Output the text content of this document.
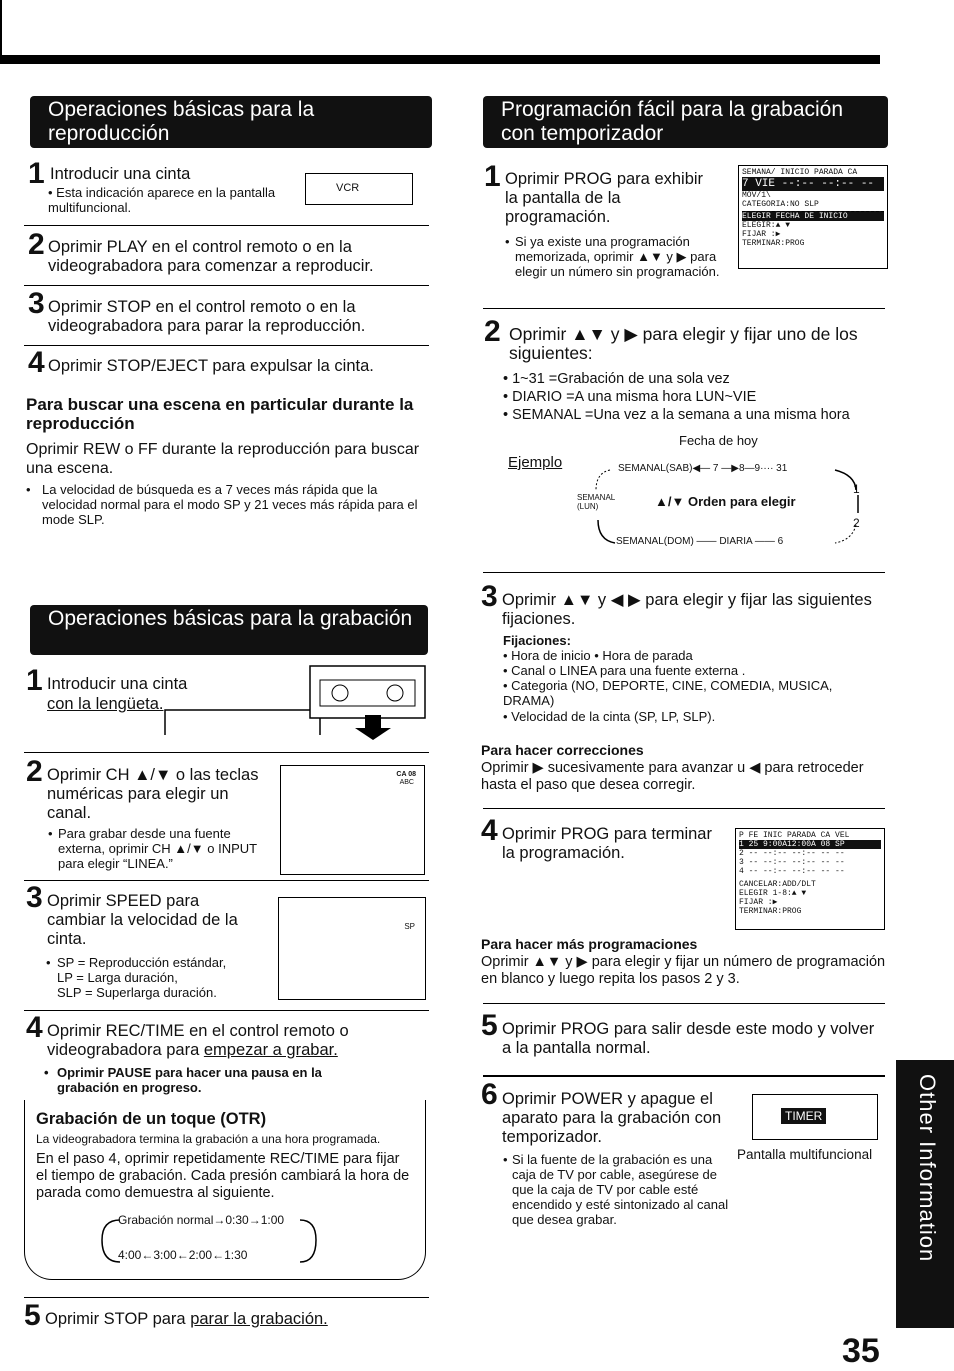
Operaciones básicas para la reproducción
1 Introducir una cinta
• Esta indicación aparece en la pantalla multifuncional.
VCR
2 Oprimir PLAY en el control remoto o en la videograbadora para comenzar a reproducir.
3 Oprimir STOP en el control remoto o en la videograbadora para parar la reproducción.
4 Oprimir STOP/EJECT para expulsar la cinta.
Para buscar una escena en particular durante la reproducción
Oprimir REW o FF durante la reproducción para buscar una escena.
• La velocidad de búsqueda es a 7 veces más rápida que la velocidad normal para el modo SP y 21 veces más rápida para el mode SLP.
Operaciones básicas para la grabación
1 Introducir una cinta
con la lengüeta.
2 Oprimir CH ▲/▼ o las teclas numéricas para elegir un canal.
• Para grabar desde una fuente externa, oprimir CH ▲/▼ o INPUT para elegir “LINEA.”
CA 08
ABC
3 Oprimir SPEED para cambiar la velocidad de la cinta.
• SP = Reproducción estándar,
LP = Larga duración,
SLP = Superlarga duración.
SP
4 Oprimir REC/TIME en el control remoto o videograbadora para empezar a grabar.
• Oprimir PAUSE para hacer una pausa en la grabación en progreso.
Grabación de un toque (OTR)
La videograbadora termina la grabación a una hora programada.
En el paso 4, oprimir repetidamente REC/TIME para fijar el tiempo de grabación. Cada presión cambiará la hora de parada como demuestra al siguiente.
Grabación normal→0:30→1:00
4:00←3:00←2:00←1:30
5 Oprimir STOP para parar la grabación.
Programación fácil para la grabación con temporizador
1 Oprimir PROG para exhibir la pantalla de la programación.
• Si ya existe una programación memorizada, oprimir ▲▼ y ▶ para elegir un número sin programación.
SEMANA/ INICIO PARADA CA
7 VIE --:-- --:-- --
MOV/1\
CATEGORIA:NO SLP
ELEGIR FECHA DE INICIO
ELEGIR:▲ ▼
FIJAR :▶
TERMINAR:PROG
2 Oprimir ▲▼ y ▶ para elegir y fijar uno de los siguientes:
• 1~31 =Grabación de una sola vez
• DIARIO =A una misma hora LUN~VIE
• SEMANAL =Una vez a la semana a una misma hora
Ejemplo
Fecha de hoy
SEMANAL(SAB)◀— 7 —▶8—9···· 31
SEMANAL (LUN)	▲/▼ Orden para elegir
1
2
SEMANAL(DOM) —— DIARIA —— 6
3 Oprimir ▲▼ y ◀ ▶ para elegir y fijar las siguientes fijaciones.
Fijaciones:
• Hora de inicio • Hora de parada
• Canal o LINEA para una fuente externa .
• Categoria (NO, DEPORTE, CINE, COMEDIA, MUSICA, DRAMA)
• Velocidad de la cinta (SP, LP, SLP).
Para hacer correcciones
Oprimir ▶ sucesivamente para avanzar u ◀ para retroceder hasta el paso que desea corregir.
4 Oprimir PROG para terminar la programación.
P FE INIC PARADA CA VEL
1 25 9:00A12:00A 08 SP
2 -- --:-- --:-- -- --
3 -- --:-- --:-- -- --
4 -- --:-- --:-- -- --
CANCELAR:ADD/DLT
ELEGIR 1-8:▲ ▼
FIJAR :▶
TERMINAR:PROG
Para hacer más programaciones
Oprimir ▲▼ y ▶ para elegir y fijar un número de programación en blanco y luego repita los pasos 2 y 3.
5 Oprimir PROG para salir desde este modo y volver a la pantalla normal.
6 Oprimir POWER y apague el aparato para la grabación con temporizador.
• Si la fuente de la grabación es una caja de TV por cable, asegúrese de que la caja de TV por cable esté encendido y esté sintonizado al canal que desea grabar.
TIMER
Pantalla multifuncional Other Information
35
